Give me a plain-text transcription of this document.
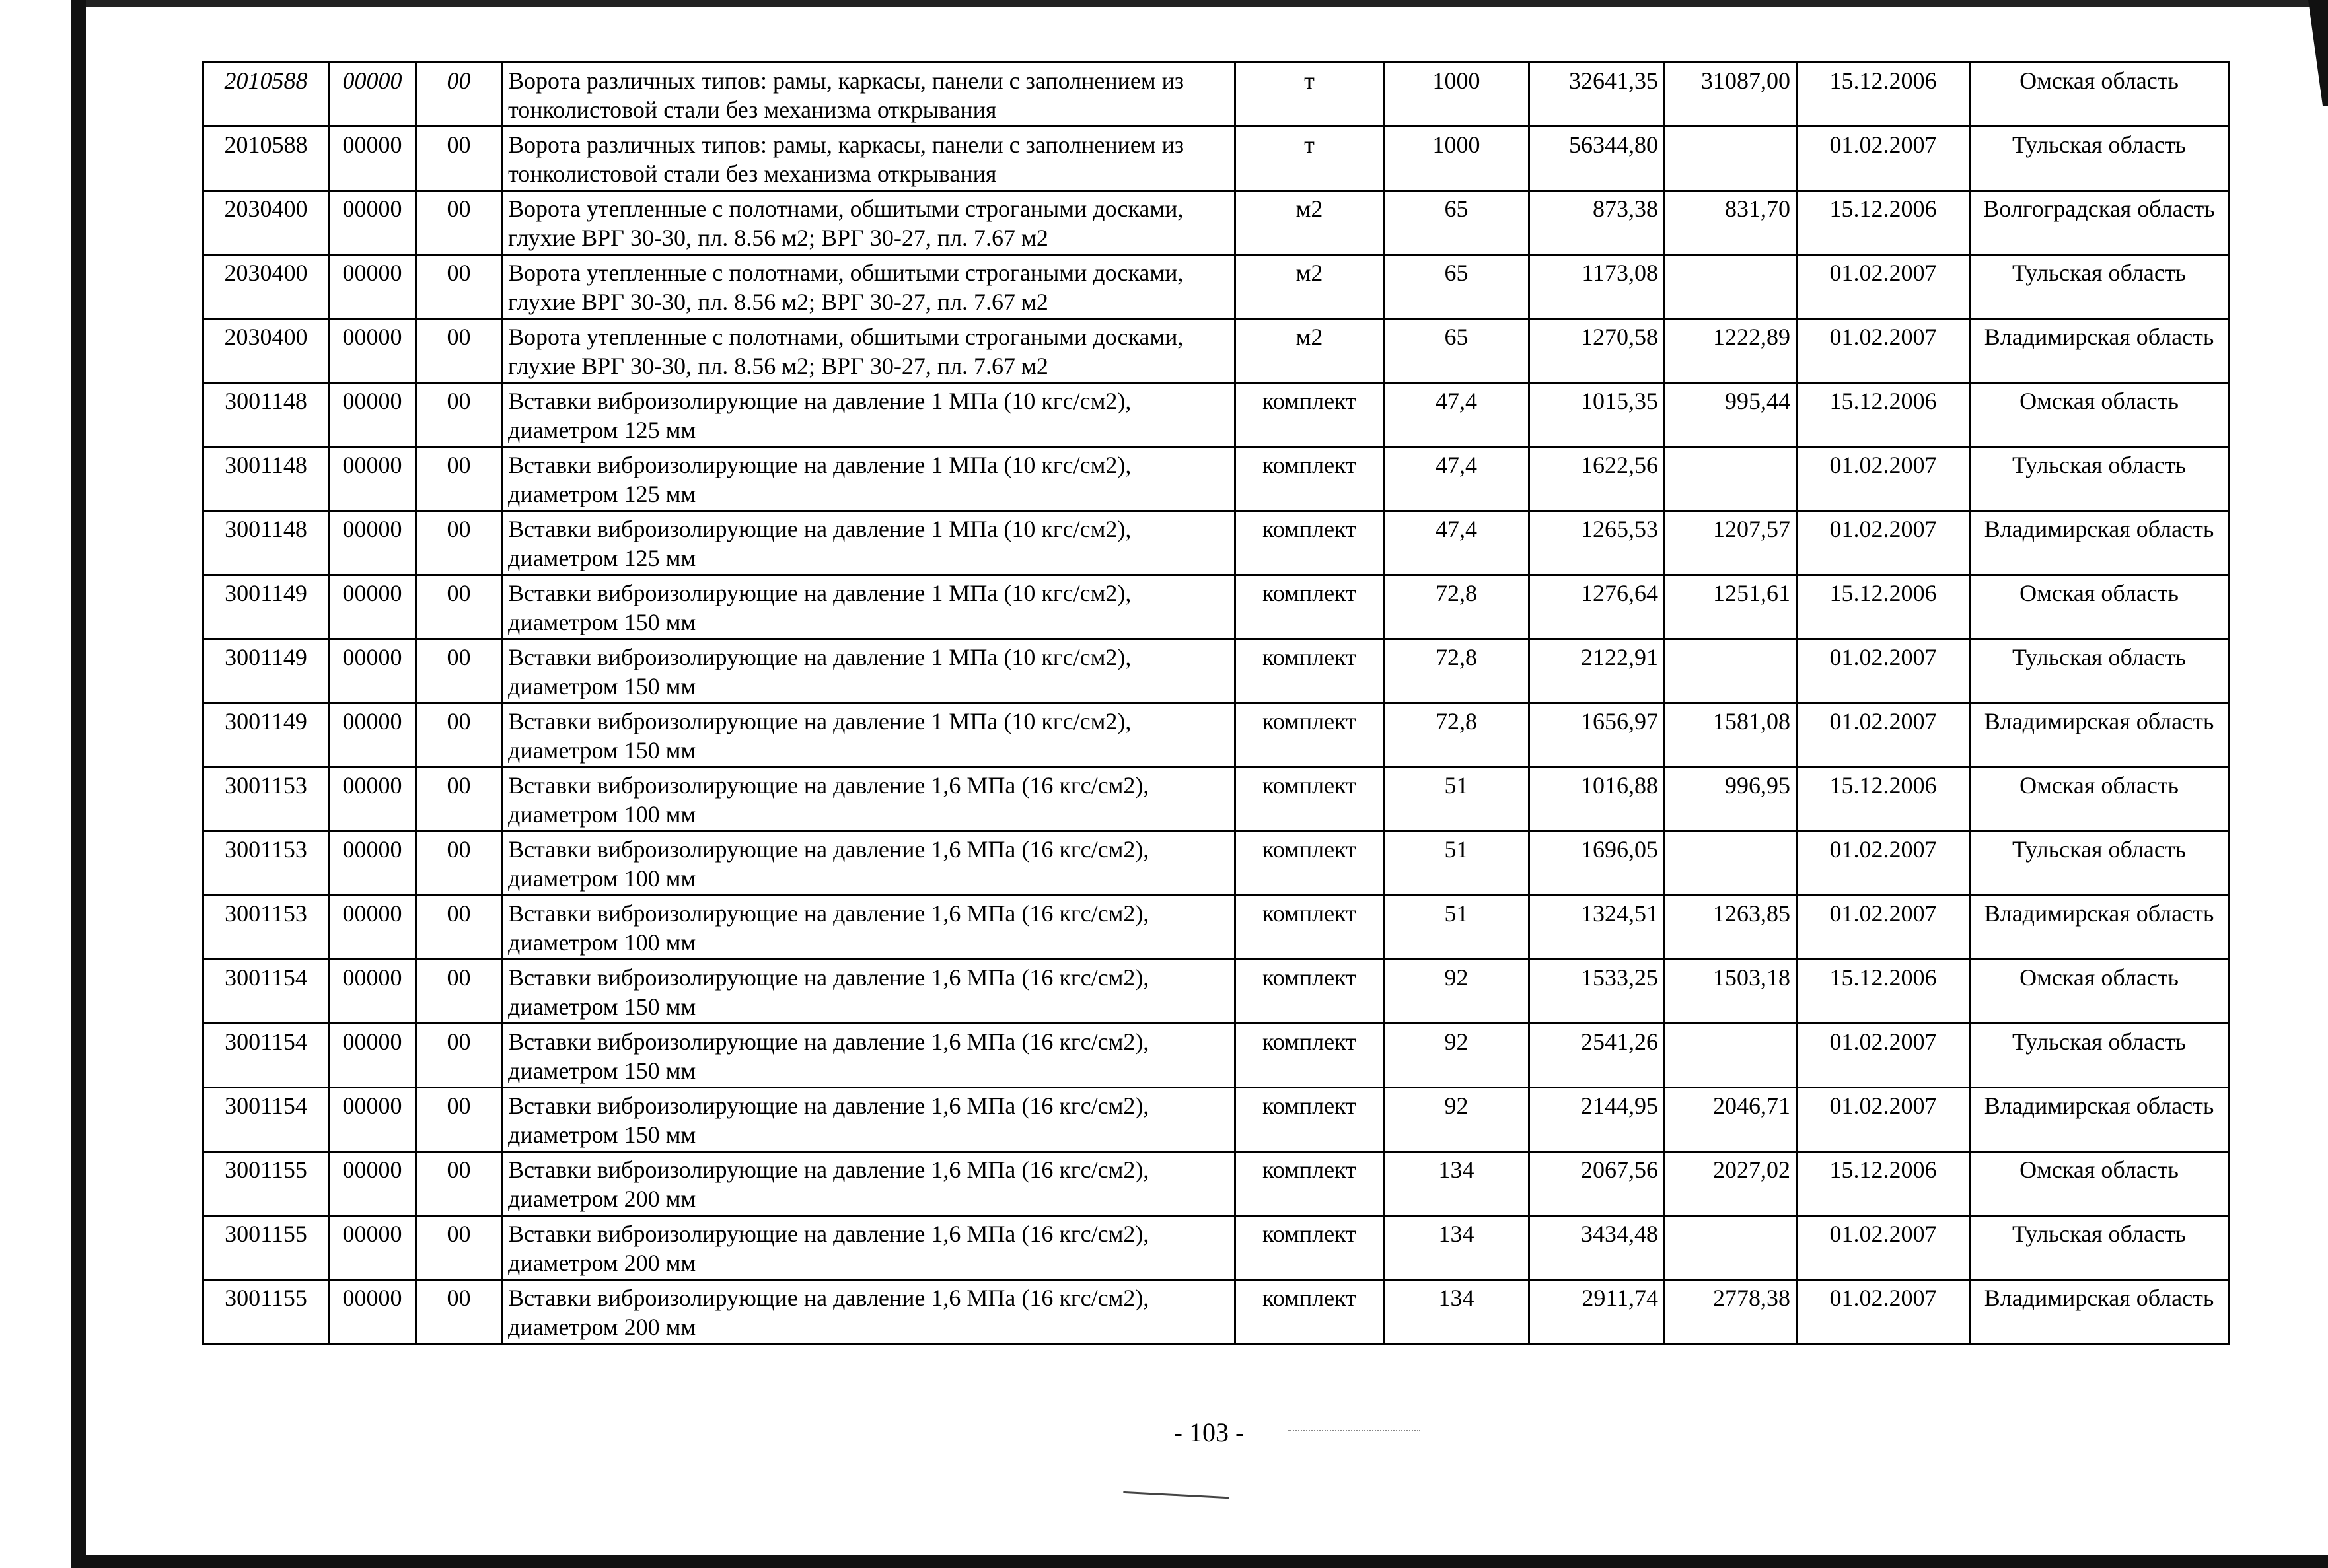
2010588	00000	00	Ворота различных типов: рамы, каркасы, панели с заполнением из тонколистовой стали без механизма открывания	т	1000	32641,35	31087,00	15.12.2006	Омская область
2010588	00000	00	Ворота различных типов: рамы, каркасы, панели с заполнением из тонколистовой стали без механизма открывания	т	1000	56344,80		01.02.2007	Тульская область
2030400	00000	00	Ворота утепленные с полотнами, обшитыми строгаными досками, глухие ВРГ 30-30, пл. 8.56 м2; ВРГ 30-27, пл. 7.67 м2	м2	65	873,38	831,70	15.12.2006	Волгоградская область
2030400	00000	00	Ворота утепленные с полотнами, обшитыми строгаными досками, глухие ВРГ 30-30, пл. 8.56 м2; ВРГ 30-27, пл. 7.67 м2	м2	65	1173,08		01.02.2007	Тульская область
2030400	00000	00	Ворота утепленные с полотнами, обшитыми строгаными досками, глухие ВРГ 30-30, пл. 8.56 м2; ВРГ 30-27, пл. 7.67 м2	м2	65	1270,58	1222,89	01.02.2007	Владимирская область
3001148	00000	00	Вставки виброизолирующие на давление 1 МПа (10 кгс/см2), диаметром 125 мм	комплект	47,4	1015,35	995,44	15.12.2006	Омская область
3001148	00000	00	Вставки виброизолирующие на давление 1 МПа (10 кгс/см2), диаметром 125 мм	комплект	47,4	1622,56		01.02.2007	Тульская область
3001148	00000	00	Вставки виброизолирующие на давление 1 МПа (10 кгс/см2), диаметром 125 мм	комплект	47,4	1265,53	1207,57	01.02.2007	Владимирская область
3001149	00000	00	Вставки виброизолирующие на давление 1 МПа (10 кгс/см2), диаметром 150 мм	комплект	72,8	1276,64	1251,61	15.12.2006	Омская область
3001149	00000	00	Вставки виброизолирующие на давление 1 МПа (10 кгс/см2), диаметром 150 мм	комплект	72,8	2122,91		01.02.2007	Тульская область
3001149	00000	00	Вставки виброизолирующие на давление 1 МПа (10 кгс/см2), диаметром 150 мм	комплект	72,8	1656,97	1581,08	01.02.2007	Владимирская область
3001153	00000	00	Вставки виброизолирующие на давление 1,6 МПа (16 кгс/см2), диаметром 100 мм	комплект	51	1016,88	996,95	15.12.2006	Омская область
3001153	00000	00	Вставки виброизолирующие на давление 1,6 МПа (16 кгс/см2), диаметром 100 мм	комплект	51	1696,05		01.02.2007	Тульская область
3001153	00000	00	Вставки виброизолирующие на давление 1,6 МПа (16 кгс/см2), диаметром 100 мм	комплект	51	1324,51	1263,85	01.02.2007	Владимирская область
3001154	00000	00	Вставки виброизолирующие на давление 1,6 МПа (16 кгс/см2), диаметром 150 мм	комплект	92	1533,25	1503,18	15.12.2006	Омская область
3001154	00000	00	Вставки виброизолирующие на давление 1,6 МПа (16 кгс/см2), диаметром 150 мм	комплект	92	2541,26		01.02.2007	Тульская область
3001154	00000	00	Вставки виброизолирующие на давление 1,6 МПа (16 кгс/см2), диаметром 150 мм	комплект	92	2144,95	2046,71	01.02.2007	Владимирская область
3001155	00000	00	Вставки виброизолирующие на давление 1,6 МПа (16 кгс/см2), диаметром 200 мм	комплект	134	2067,56	2027,02	15.12.2006	Омская область
3001155	00000	00	Вставки виброизолирующие на давление 1,6 МПа (16 кгс/см2), диаметром 200 мм	комплект	134	3434,48		01.02.2007	Тульская область
3001155	00000	00	Вставки виброизолирующие на давление 1,6 МПа (16 кгс/см2), диаметром 200 мм	комплект	134	2911,74	2778,38	01.02.2007	Владимирская область
- 103 -
